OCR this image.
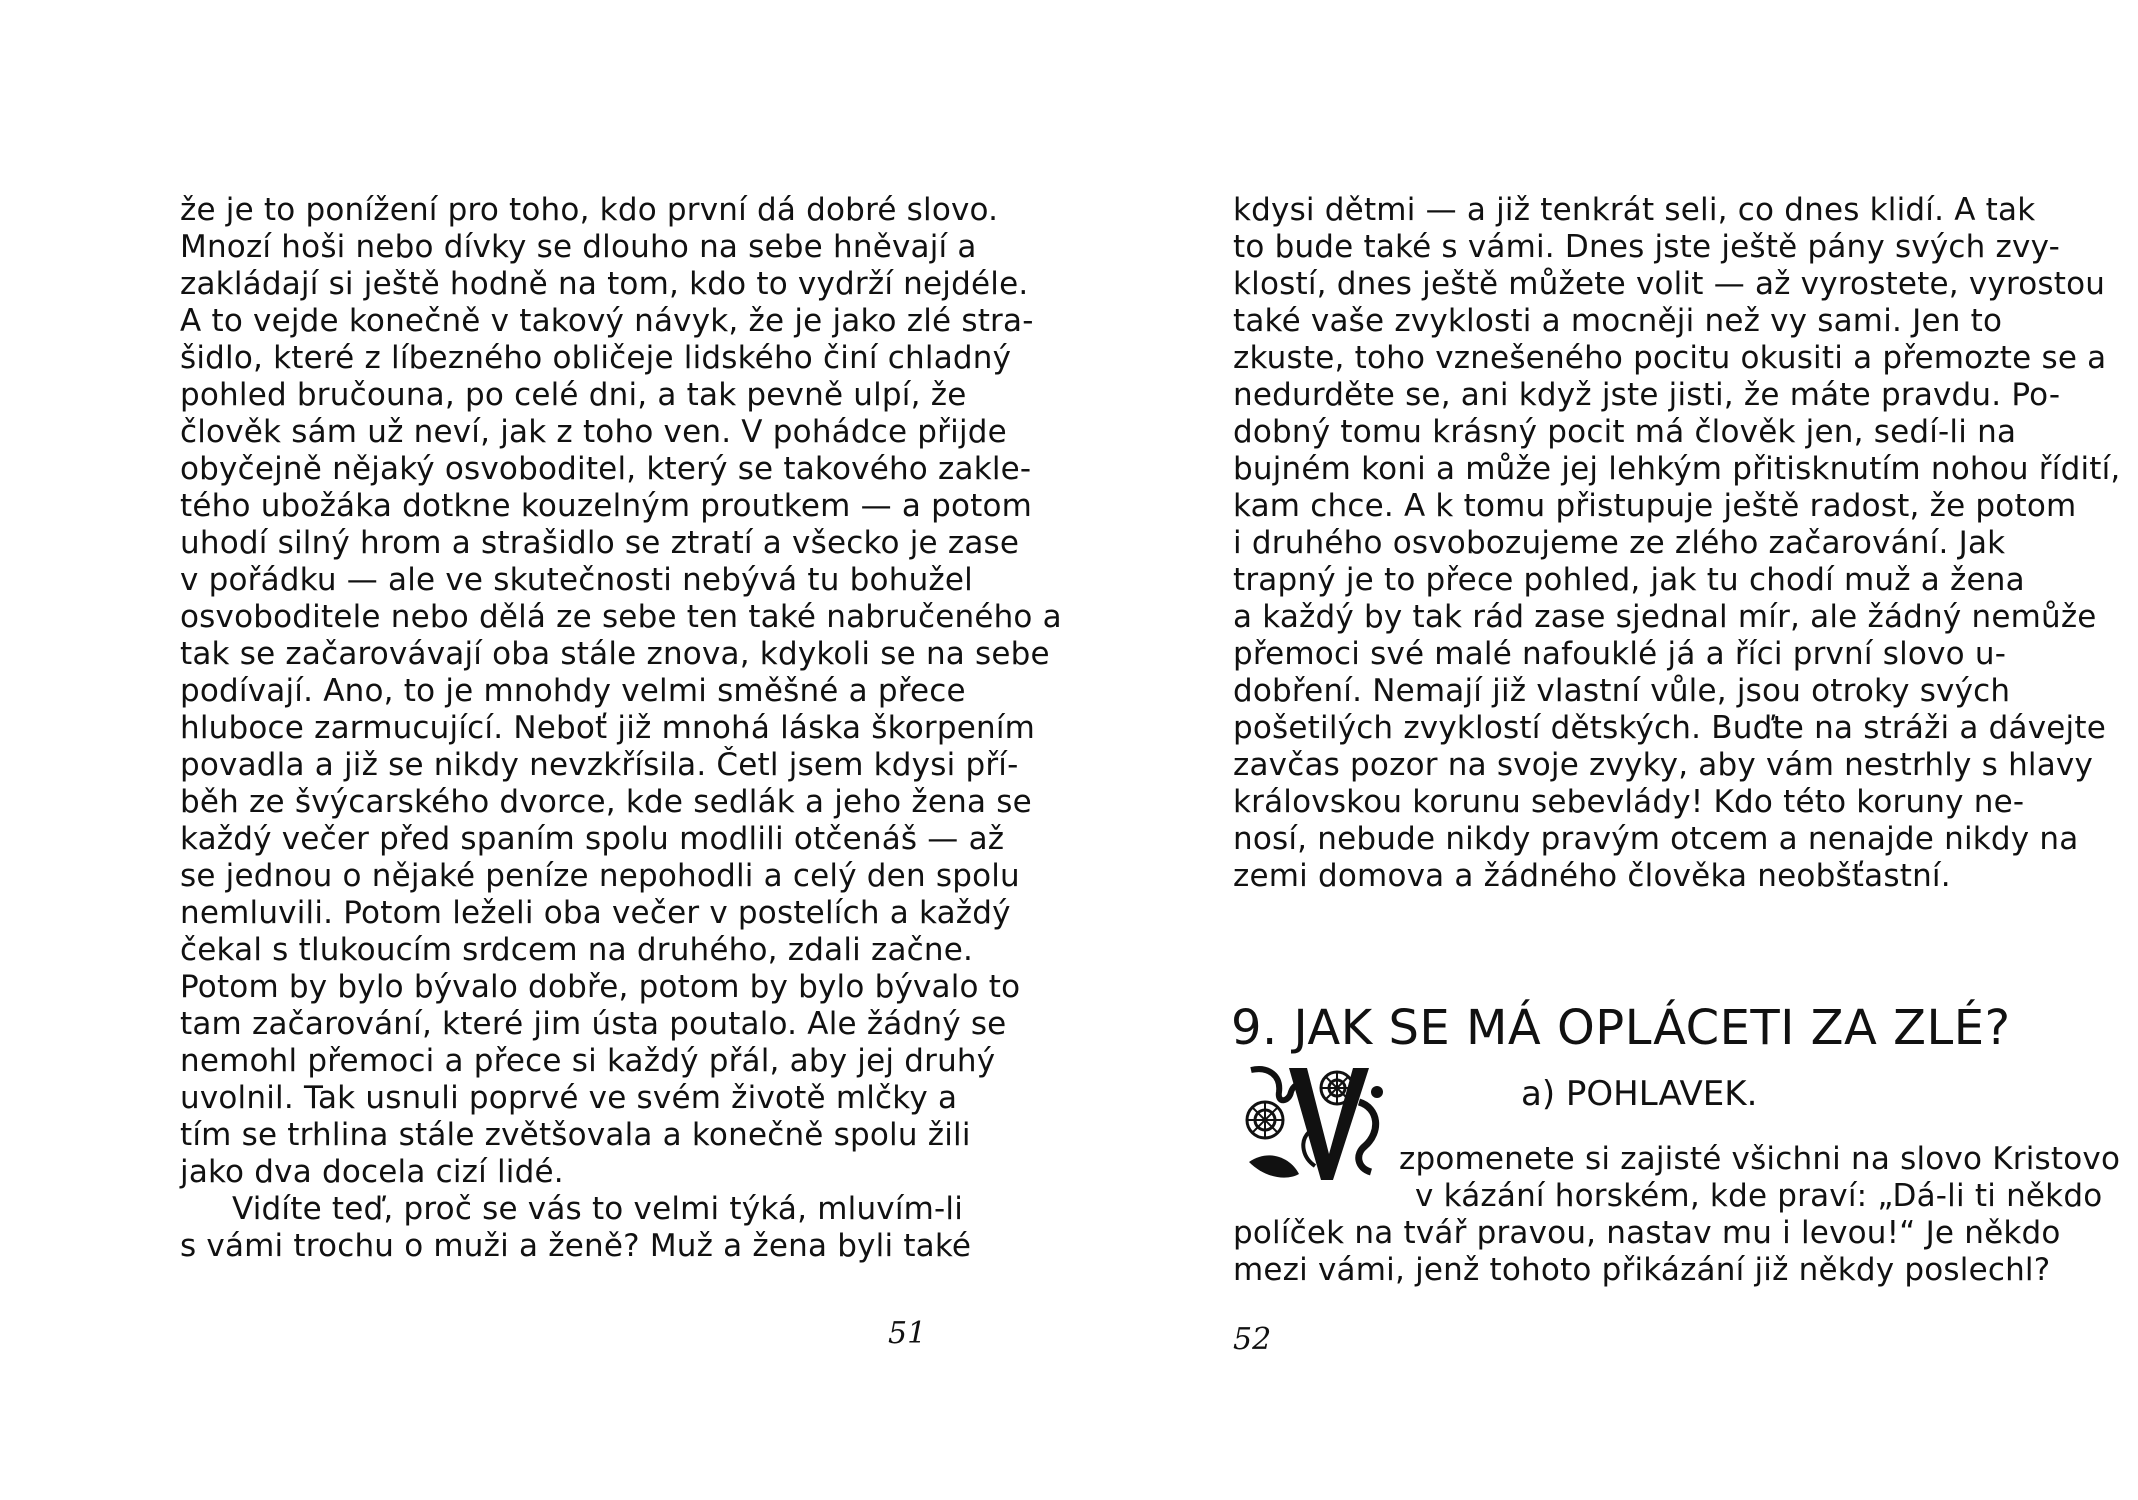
že je to ponížení pro toho, kdo první dá dobré slovo.
Mnozí hoši nebo dívky se dlouho na sebe hněvají a
zakládají si ještě hodně na tom, kdo to vydrží nejdéle.
A to vejde konečně v takový návyk, že je jako zlé stra-
šidlo, které z líbezného obličeje lidského činí chladný
pohled bručouna, po celé dni, a tak pevně ulpí, že
člověk sám už neví, jak z toho ven. V pohádce přijde
obyčejně nějaký osvoboditel, který se takového zakle-
tého ubožáka dotkne kouzelným proutkem — a potom
uhodí silný hrom a strašidlo se ztratí a všecko je zase
v pořádku — ale ve skutečnosti nebývá tu bohužel
osvoboditele nebo dělá ze sebe ten také nabručeného a
tak se začarovávají oba stále znova, kdykoli se na sebe
podívají. Ano, to je mnohdy velmi směšné a přece
hluboce zarmucující. Neboť již mnohá láska škorpením
povadla a již se nikdy nevzkřísila. Četl jsem kdysi pří-
běh ze švýcarského dvorce, kde sedlák a jeho žena se
každý večer před spaním spolu modlili otčenáš — až
se jednou o nějaké peníze nepohodli a celý den spolu
nemluvili. Potom leželi oba večer v postelích a každý
čekal s tlukoucím srdcem na druhého, zdali začne.
Potom by bylo bývalo dobře, potom by bylo bývalo to
tam začarování, které jim ústa poutalo. Ale žádný se
nemohl přemoci a přece si každý přál, aby jej druhý
uvolnil. Tak usnuli poprvé ve svém životě mlčky a
tím se trhlina stále zvětšovala a konečně spolu žili
jako dva docela cizí lidé.
Vidíte teď, proč se vás to velmi týká, mluvím-li
s vámi trochu o muži a ženě? Muž a žena byli také
51
kdysi dětmi — a již tenkrát seli, co dnes klidí. A tak
to bude také s vámi. Dnes jste ještě pány svých zvy-
klostí, dnes ještě můžete volit — až vyrostete, vyrostou
také vaše zvyklosti a mocněji než vy sami. Jen to
zkuste, toho vznešeného pocitu okusiti a přemozte se a
nedurděte se, ani když jste jisti, že máte pravdu. Po-
dobný tomu krásný pocit má člověk jen, sedí-li na
bujném koni a může jej lehkým přitisknutím nohou řídití,
kam chce. A k tomu přistupuje ještě radost, že potom
i druhého osvobozujeme ze zlého začarování. Jak
trapný je to přece pohled, jak tu chodí muž a žena
a každý by tak rád zase sjednal mír, ale žádný nemůže
přemoci své malé nafouklé já a říci první slovo u-
dobření. Nemají již vlastní vůle, jsou otroky svých
pošetilých zvyklostí dětských. Buďte na stráži a dávejte
zavčas pozor na svoje zvyky, aby vám nestrhly s hlavy
královskou korunu sebevlády! Kdo této koruny ne-
nosí, nebude nikdy pravým otcem a nenajde nikdy na
zemi domova a žádného člověka neobšťastní.
9. JAK SE MÁ OPLÁCETI ZA ZLÉ?
a) POHLAVEK.
zpomenete si zajisté všichni na slovo Kristovo
v kázání horském, kde praví: „Dá-li ti někdo
políček na tvář pravou, nastav mu i levou!“ Je někdo
mezi vámi, jenž tohoto přikázání již někdy poslechl?
52
